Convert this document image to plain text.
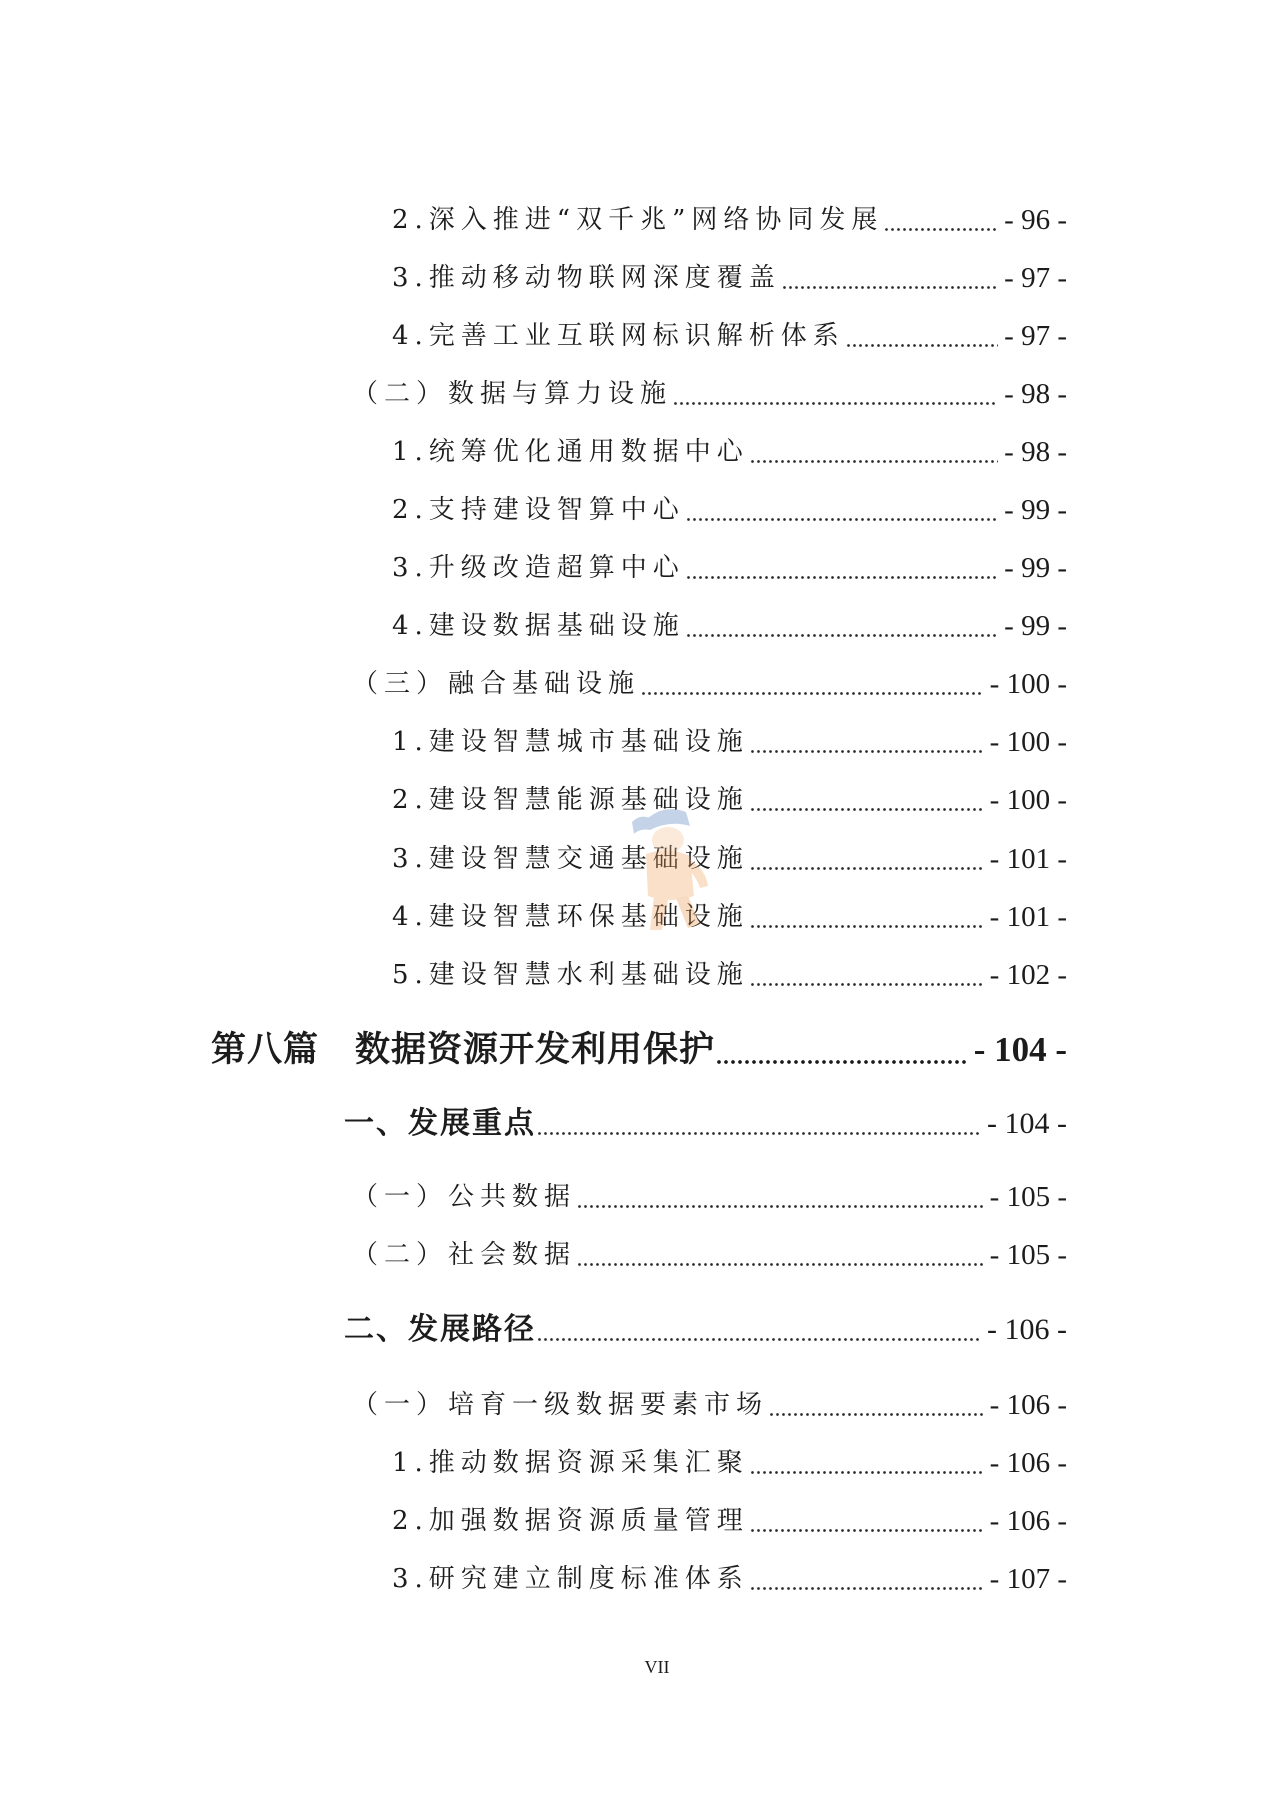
2.深入推进“双千兆”网络协同发展	- 96 -
3.推动移动物联网深度覆盖	- 97 -
4.完善工业互联网标识解析体系	- 97 -
（二）数据与算力设施	- 98 -
1.统筹优化通用数据中心	- 98 -
2.支持建设智算中心	- 99 -
3.升级改造超算中心	- 99 -
4.建设数据基础设施	- 99 -
（三）融合基础设施	- 100 -
1.建设智慧城市基础设施	- 100 -
2.建设智慧能源基础设施	- 100 -
3.建设智慧交通基础设施	- 101 -
4.建设智慧环保基础设施	- 101 -
5.建设智慧水利基础设施	- 102 -
第八篇 数据资源开发利用保护	- 104 -
一、发展重点	- 104 -
（一）公共数据	- 105 -
（二）社会数据	- 105 -
二、发展路径	- 106 -
（一）培育一级数据要素市场	- 106 -
1.推动数据资源采集汇聚	- 106 -
2.加强数据资源质量管理	- 106 -
3.研究建立制度标准体系	- 107 -
VII
